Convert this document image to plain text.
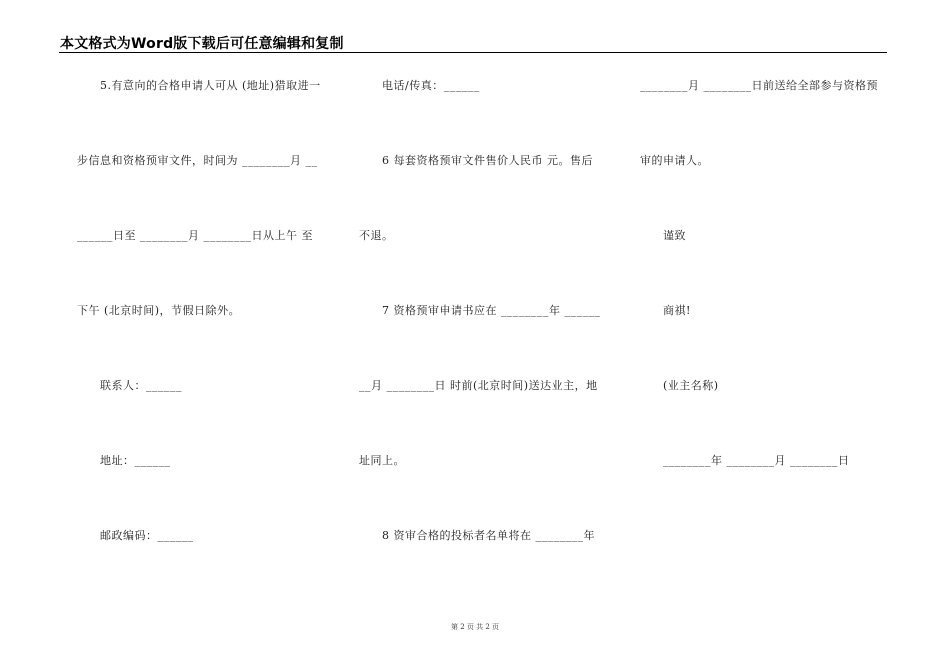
本文格式为Word版下载后可任意编辑和复制
5.有意向的合格申请人可从 (地址)猎取进一
步信息和资格预审文件，时间为 ________月 __
______日至 ________月 ________日从上午 至
下午 (北京时间)，节假日除外。
联系人：______
地址：______
邮政编码：______
电话/传真：______
6 每套资格预审文件售价人民币 元。售后
不退。
7 资格预审申请书应在 ________年 ______
__月 ________日 时前(北京时间)送达业主，地
址同上。
8 资审合格的投标者名单将在 ________年
________月 ________日前送给全部参与资格预
审的申请人。
谨致
商祺!
(业主名称)
________年 ________月 ________日
第 2 页 共 2 页
